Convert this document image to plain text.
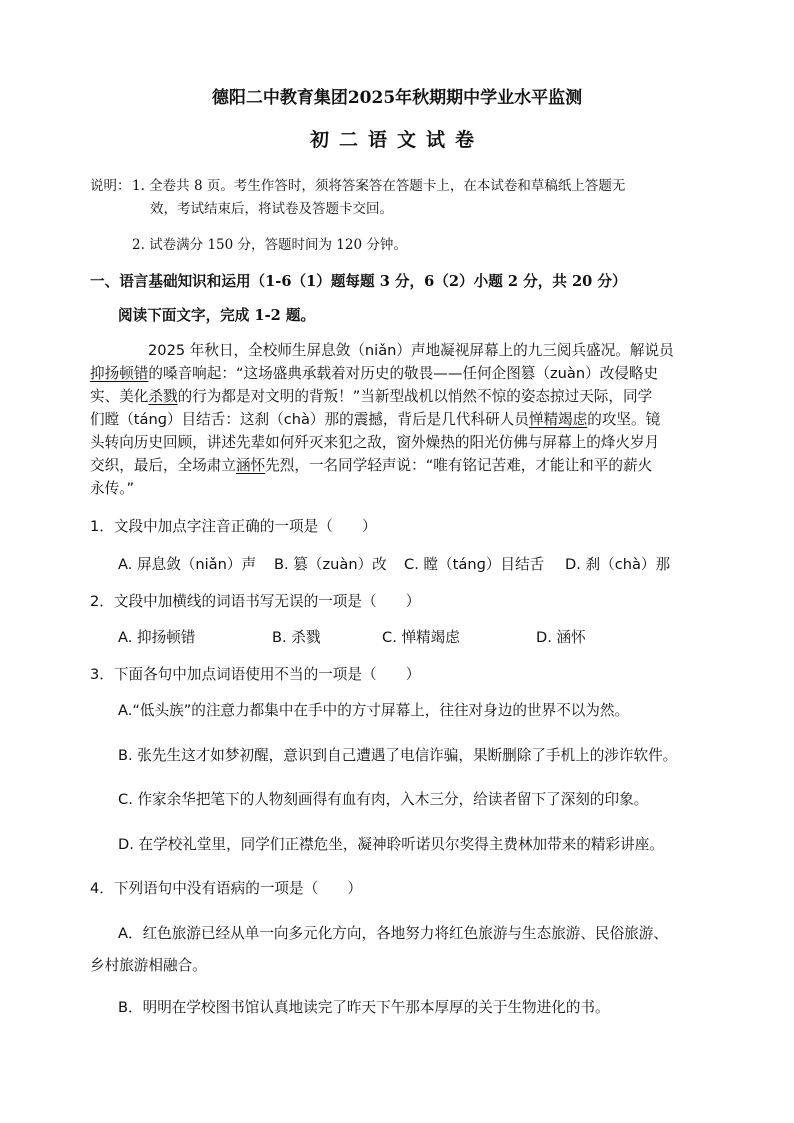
德阳二中教育集团2025年秋期期中学业水平监测
初二语文试卷
说明： 1. 全卷共 8 页。考生作答时，须将答案答在答题卡上，在本试卷和草稿纸上答题无
效，考试结束后，将试卷及答题卡交回。
2. 试卷满分 150 分，答题时间为 120 分钟。
一、语言基础知识和运用（1-6（1）题每题 3 分，6（2）小题 2 分，共 20 分）
阅读下面文字，完成 1-2 题。
2025 年秋日，全校师生屏息敛（niǎn）声地凝视屏幕上的九三阅兵盛况。解说员
抑扬顿错的嗓音响起：“这场盛典承载着对历史的敬畏——任何企图篡（zuàn）改侵略史
实、美化杀戮的行为都是对文明的背叛！”当新型战机以悄然不惊的姿态掠过天际，同学
们瞠（tánɡ）目结舌：这刹（chà）那的震撼，背后是几代科研人员惮精竭虑的攻坚。镜
头转向历史回顾，讲述先辈如何歼灭来犯之敌，窗外燥热的阳光仿佛与屏幕上的烽火岁月
交织，最后，全场肃立涵怀先烈，一名同学轻声说：“唯有铭记苦难，才能让和平的薪火
永传。”
1．文段中加点字注音正确的一项是（　　）
A. 屏息敛（niǎn）声 B. 篡（zuàn）改 C. 瞠（tánɡ）目结舌 D. 刹（chà）那
2．文段中加横线的词语书写无误的一项是（　　）
A. 抑扬顿错	B. 杀戮	C. 惮精竭虑	D. 涵怀
3．下面各句中加点词语使用不当的一项是（　　）
A.“低头族”的注意力都集中在手中的方寸屏幕上，往往对身边的世界不以为然。
B. 张先生这才如梦初醒，意识到自己遭遇了电信诈骗，果断删除了手机上的涉诈软件。
C. 作家余华把笔下的人物刻画得有血有肉，入木三分，给读者留下了深刻的印象。
D. 在学校礼堂里，同学们正襟危坐，凝神聆听诺贝尔奖得主费林加带来的精彩讲座。
4．下列语句中没有语病的一项是（　　）
A．红色旅游已经从单一向多元化方向，各地努力将红色旅游与生态旅游、民俗旅游、
乡村旅游相融合。
B．明明在学校图书馆认真地读完了昨天下午那本厚厚的关于生物进化的书。
